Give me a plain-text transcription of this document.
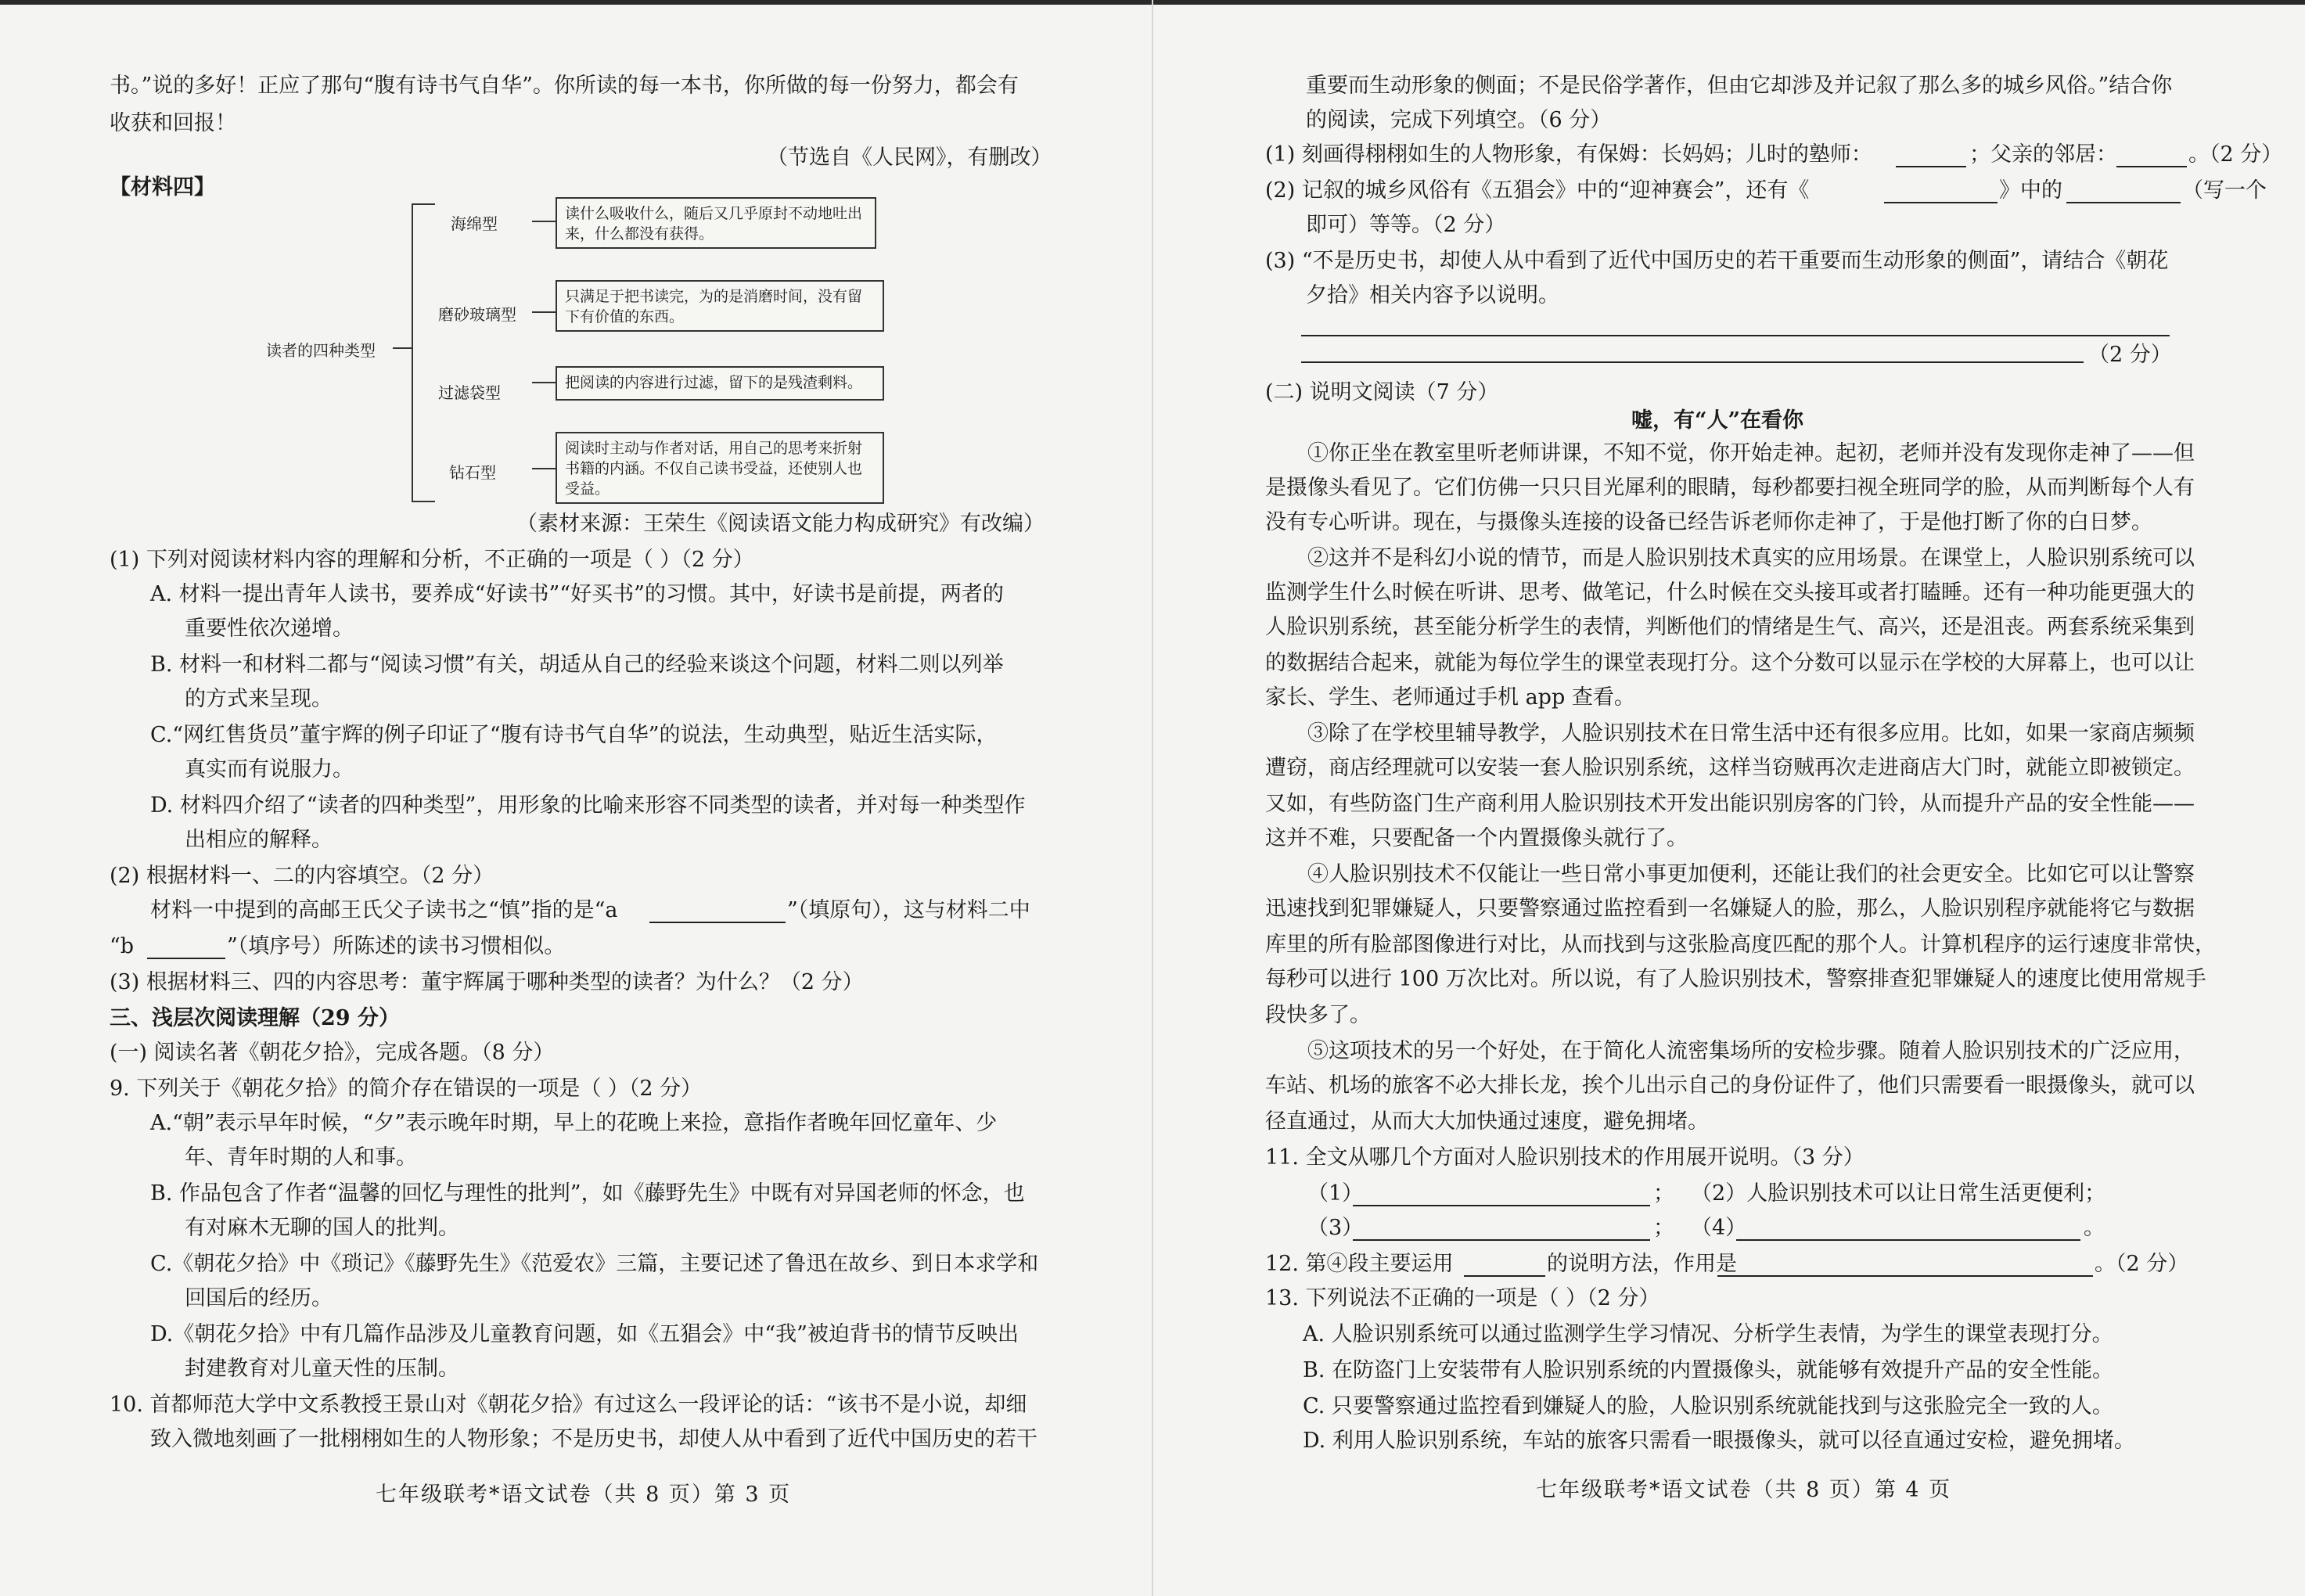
书。”说的多好！正应了那句“腹有诗书气自华”。你所读的每一本书，你所做的每一份努力，都会有
收获和回报！
（节选自《人民网》，有删改）
【材料四】
读者的四种类型
海绵型
读什么吸收什么，随后又几乎原封不动地吐出来，什么都没有获得。
磨砂玻璃型
只满足于把书读完，为的是消磨时间，没有留下有价值的东西。
过滤袋型
把阅读的内容进行过滤，留下的是残渣剩料。
钻石型
阅读时主动与作者对话，用自己的思考来折射书籍的内涵。不仅自己读书受益，还使别人也受益。
（素材来源：王荣生《阅读语文能力构成研究》有改编）
(1) 下列对阅读材料内容的理解和分析，不正确的一项是（ ）（2 分）
A. 材料一提出青年人读书，要养成“好读书”“好买书”的习惯。其中，好读书是前提，两者的
重要性依次递增。
B. 材料一和材料二都与“阅读习惯”有关，胡适从自己的经验来谈这个问题，材料二则以列举
的方式来呈现。
C.“网红售货员”董宇辉的例子印证了“腹有诗书气自华”的说法，生动典型，贴近生活实际，
真实而有说服力。
D. 材料四介绍了“读者的四种类型”，用形象的比喻来形容不同类型的读者，并对每一种类型作
出相应的解释。
(2) 根据材料一、二的内容填空。（2 分）
材料一中提到的高邮王氏父子读书之“慎”指的是“a	”（填原句），这与材料二中
“b	”（填序号）所陈述的读书习惯相似。
(3) 根据材料三、四的内容思考：董宇辉属于哪种类型的读者？为什么？（2 分）
三、浅层次阅读理解（29 分）
(一) 阅读名著《朝花夕拾》，完成各题。（8 分）
9. 下列关于《朝花夕拾》的简介存在错误的一项是（ ）（2 分）
A.“朝”表示早年时候，“夕”表示晚年时期，早上的花晚上来捡，意指作者晚年回忆童年、少
年、青年时期的人和事。
B. 作品包含了作者“温馨的回忆与理性的批判”，如《藤野先生》中既有对异国老师的怀念，也
有对麻木无聊的国人的批判。
C.《朝花夕拾》中《琐记》《藤野先生》《范爱农》三篇，主要记述了鲁迅在故乡、到日本求学和
回国后的经历。
D.《朝花夕拾》中有几篇作品涉及儿童教育问题，如《五猖会》中“我”被迫背书的情节反映出
封建教育对儿童天性的压制。
10. 首都师范大学中文系教授王景山对《朝花夕拾》有过这么一段评论的话：“该书不是小说，却细
致入微地刻画了一批栩栩如生的人物形象；不是历史书，却使人从中看到了近代中国历史的若干
七年级联考*语文试卷（共 8 页）第 3 页
重要而生动形象的侧面；不是民俗学著作，但由它却涉及并记叙了那么多的城乡风俗。”结合你
的阅读，完成下列填空。（6 分）
(1) 刻画得栩栩如生的人物形象，有保姆：长妈妈；儿时的塾师：	；父亲的邻居：	。（2 分）
(2) 记叙的城乡风俗有《五猖会》中的“迎神赛会”，还有《	》中的	（写一个
即可）等等。（2 分）
(3) “不是历史书，却使人从中看到了近代中国历史的若干重要而生动形象的侧面”，请结合《朝花
夕拾》相关内容予以说明。
（2 分）
(二) 说明文阅读（7 分）
嘘，有“人”在看你
①你正坐在教室里听老师讲课，不知不觉，你开始走神。起初，老师并没有发现你走神了——但
是摄像头看见了。它们仿佛一只只目光犀利的眼睛，每秒都要扫视全班同学的脸，从而判断每个人有
没有专心听讲。现在，与摄像头连接的设备已经告诉老师你走神了，于是他打断了你的白日梦。
②这并不是科幻小说的情节，而是人脸识别技术真实的应用场景。在课堂上，人脸识别系统可以
监测学生什么时候在听讲、思考、做笔记，什么时候在交头接耳或者打瞌睡。还有一种功能更强大的
人脸识别系统，甚至能分析学生的表情，判断他们的情绪是生气、高兴，还是沮丧。两套系统采集到
的数据结合起来，就能为每位学生的课堂表现打分。这个分数可以显示在学校的大屏幕上，也可以让
家长、学生、老师通过手机 app 查看。
③除了在学校里辅导教学，人脸识别技术在日常生活中还有很多应用。比如，如果一家商店频频
遭窃，商店经理就可以安装一套人脸识别系统，这样当窃贼再次走进商店大门时，就能立即被锁定。
又如，有些防盗门生产商利用人脸识别技术开发出能识别房客的门铃，从而提升产品的安全性能——
这并不难，只要配备一个内置摄像头就行了。
④人脸识别技术不仅能让一些日常小事更加便利，还能让我们的社会更安全。比如它可以让警察
迅速找到犯罪嫌疑人，只要警察通过监控看到一名嫌疑人的脸，那么，人脸识别程序就能将它与数据
库里的所有脸部图像进行对比，从而找到与这张脸高度匹配的那个人。计算机程序的运行速度非常快，
每秒可以进行 100 万次比对。所以说，有了人脸识别技术，警察排查犯罪嫌疑人的速度比使用常规手
段快多了。
⑤这项技术的另一个好处，在于简化人流密集场所的安检步骤。随着人脸识别技术的广泛应用，
车站、机场的旅客不必大排长龙，挨个儿出示自己的身份证件了，他们只需要看一眼摄像头，就可以
径直通过，从而大大加快通过速度，避免拥堵。
11. 全文从哪几个方面对人脸识别技术的作用展开说明。（3 分）
（1）	； （2）人脸识别技术可以让日常生活更便利；
（3）	； （4）	。
12. 第④段主要运用	的说明方法，作用是	。（2 分）
13. 下列说法不正确的一项是（ ）（2 分）
A. 人脸识别系统可以通过监测学生学习情况、分析学生表情，为学生的课堂表现打分。
B. 在防盗门上安装带有人脸识别系统的内置摄像头，就能够有效提升产品的安全性能。
C. 只要警察通过监控看到嫌疑人的脸，人脸识别系统就能找到与这张脸完全一致的人。
D. 利用人脸识别系统，车站的旅客只需看一眼摄像头，就可以径直通过安检，避免拥堵。
七年级联考*语文试卷（共 8 页）第 4 页
